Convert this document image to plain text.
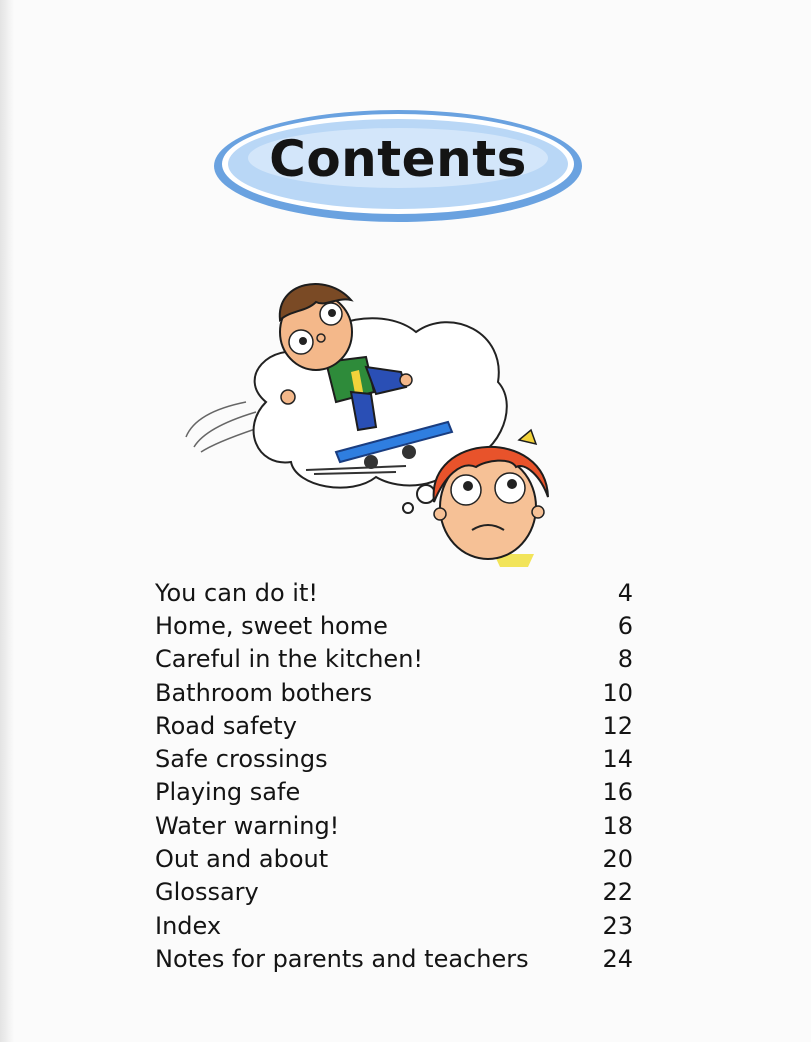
Contents
You can do it!	4
Home, sweet home	6
Careful in the kitchen!	8
Bathroom bothers	10
Road safety	12
Safe crossings	14
Playing safe	16
Water warning!	18
Out and about	20
Glossary	22
Index	23
Notes for parents and teachers	24
